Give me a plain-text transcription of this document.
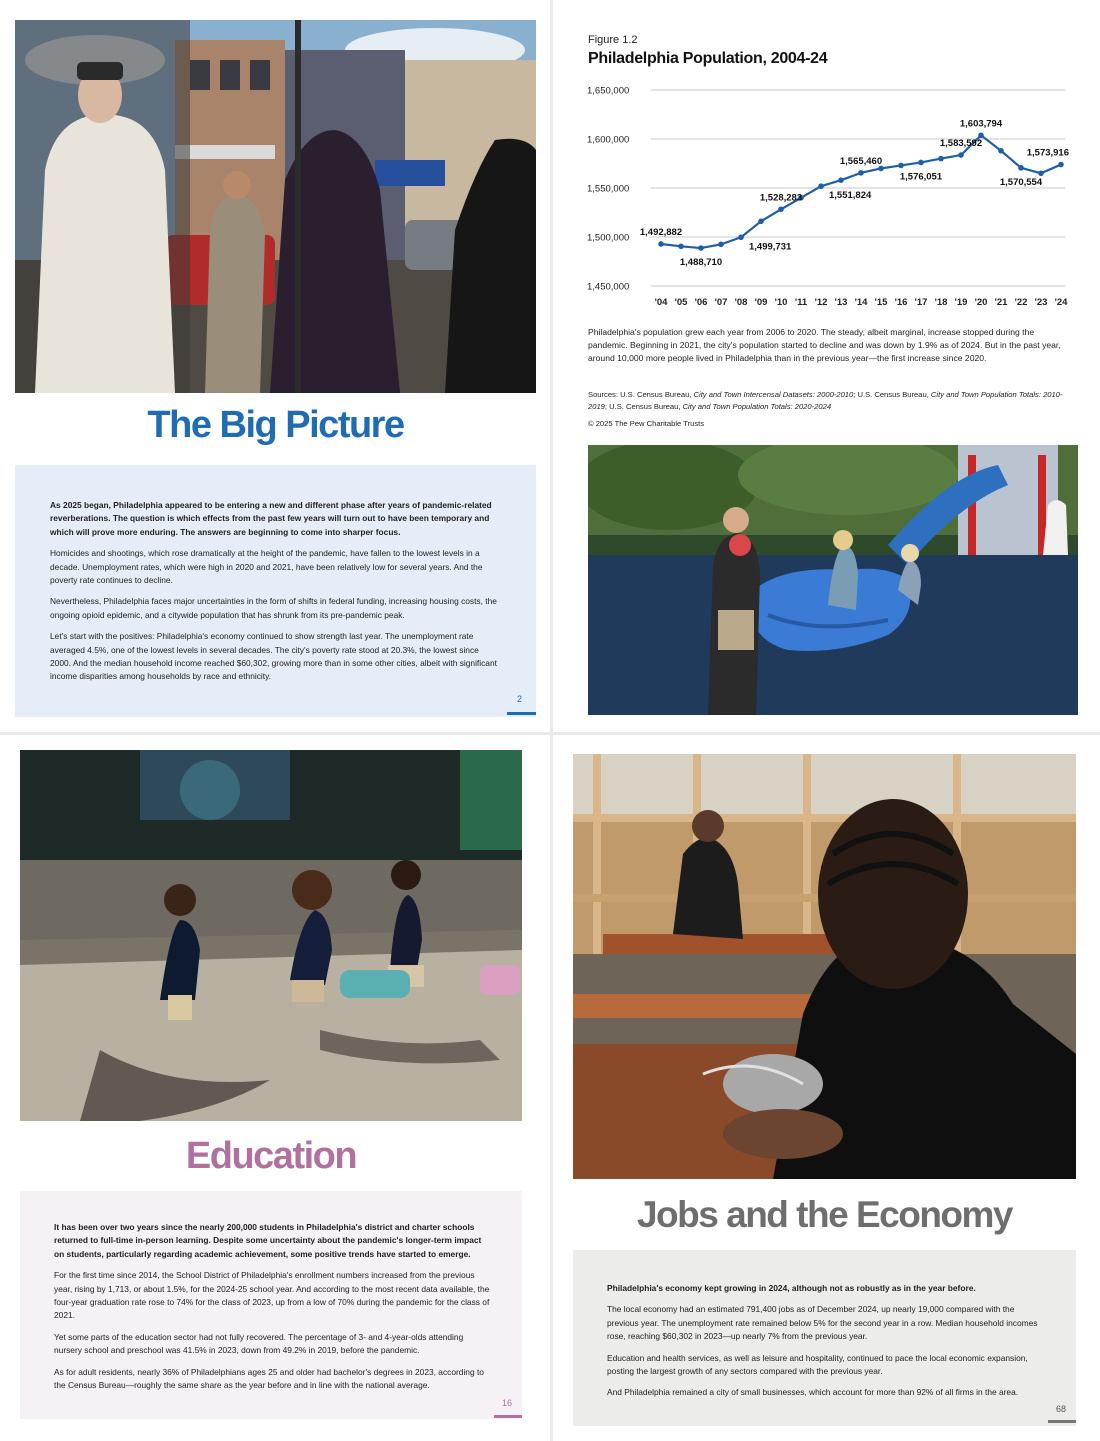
The Big Picture

As 2025 began, Philadelphia appeared to be entering a new and different phase after years of pandemic-related reverberations. The question is which effects from the past few years will turn out to have been temporary and which will prove more enduring. The answers are beginning to come into sharper focus.

Homicides and shootings, which rose dramatically at the height of the pandemic, have fallen to the lowest levels in a decade. Unemployment rates, which were high in 2020 and 2021, have been relatively low for several years. And the poverty rate continues to decline.

Nevertheless, Philadelphia faces major uncertainties in the form of shifts in federal funding, increasing housing costs, the ongoing opioid epidemic, and a citywide population that has shrunk from its pre-pandemic peak.

Let's start with the positives: Philadelphia's economy continued to show strength last year. The unemployment rate averaged 4.5%, one of the lowest levels in several decades. The city's poverty rate stood at 20.3%, the lowest since 2000. And the median household income reached $60,302, growing more than in some other cities, albeit with significant income disparities among households by race and ethnicity.

2
Figure 1.2
Philadelphia Population, 2004-24
1,650,000
1,600,000
1,550,000
1,500,000
1,450,000
'04 '05 '06 '07 '08 '09 '10 '11 '12 '13 '14 '15 '16 '17 '18 '19 '20 '21 '22 '23 '24
1,492,882
1,488,710
1,499,731
1,528,283	1,551,824
1,565,460
1,576,051
1,583,592
1,603,794
1,570,554
1,573,916

Philadelphia's population grew each year from 2006 to 2020. The steady, albeit marginal, increase stopped during the pandemic. Beginning in 2021, the city's population started to decline and was down by 1.9% as of 2024. But in the past year, around 10,000 more people lived in Philadelphia than in the previous year—the first increase since 2020.

Sources: U.S. Census Bureau, City and Town Intercensal Datasets: 2000-2010; U.S. Census Bureau, City and Town Population Totals: 2010-2019; U.S. Census Bureau, City and Town Population Totals: 2020-2024

© 2025 The Pew Charitable Trusts
Education

It has been over two years since the nearly 200,000 students in Philadelphia's district and charter schools returned to full-time in-person learning. Despite some uncertainty about the pandemic's longer-term impact on students, particularly regarding academic achievement, some positive trends have started to emerge.

For the first time since 2014, the School District of Philadelphia's enrollment numbers increased from the previous year, rising by 1,713, or about 1.5%, for the 2024-25 school year. And according to the most recent data available, the four-year graduation rate rose to 74% for the class of 2023, up from a low of 70% during the pandemic for the class of 2021.

Yet some parts of the education sector had not fully recovered. The percentage of 3- and 4-year-olds attending nursery school and preschool was 41.5% in 2023, down from 49.2% in 2019, before the pandemic.

As for adult residents, nearly 36% of Philadelphians ages 25 and older had bachelor's degrees in 2023, according to the Census Bureau—roughly the same share as the year before and in line with the national average.

16
Jobs and the Economy

Philadelphia's economy kept growing in 2024, although not as robustly as in the year before.

The local economy had an estimated 791,400 jobs as of December 2024, up nearly 19,000 compared with the previous year. The unemployment rate remained below 5% for the second year in a row. Median household incomes rose, reaching $60,302 in 2023—up nearly 7% from the previous year.

Education and health services, as well as leisure and hospitality, continued to pace the local economic expansion, posting the largest growth of any sectors compared with the previous year.

And Philadelphia remained a city of small businesses, which account for more than 92% of all firms in the area.

68
